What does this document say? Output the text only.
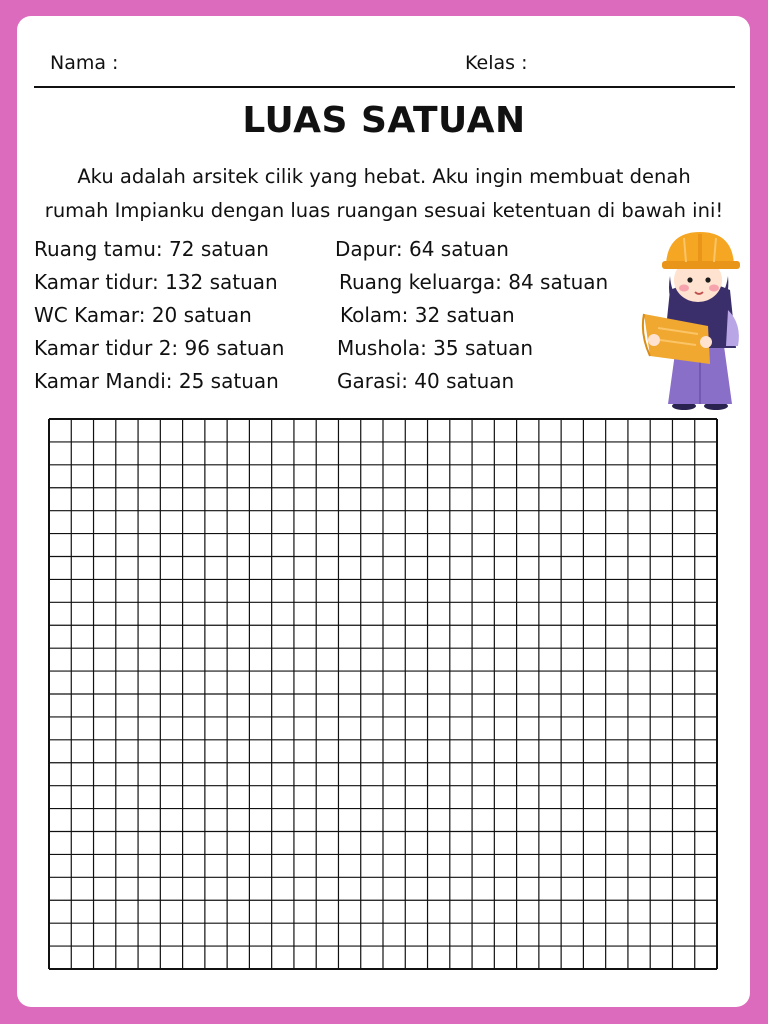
Nama :	Kelas :
LUAS SATUAN
Aku adalah arsitek cilik yang hebat. Aku ingin membuat denah
rumah Impianku dengan luas ruangan sesuai ketentuan di bawah ini!
Ruang tamu: 72 satuan
Kamar tidur: 132 satuan
WC Kamar: 20 satuan
Kamar tidur 2: 96 satuan
Kamar Mandi: 25 satuan
Dapur: 64 satuan
Ruang keluarga: 84 satuan
Kolam: 32 satuan
Mushola: 35 satuan
Garasi: 40 satuan
